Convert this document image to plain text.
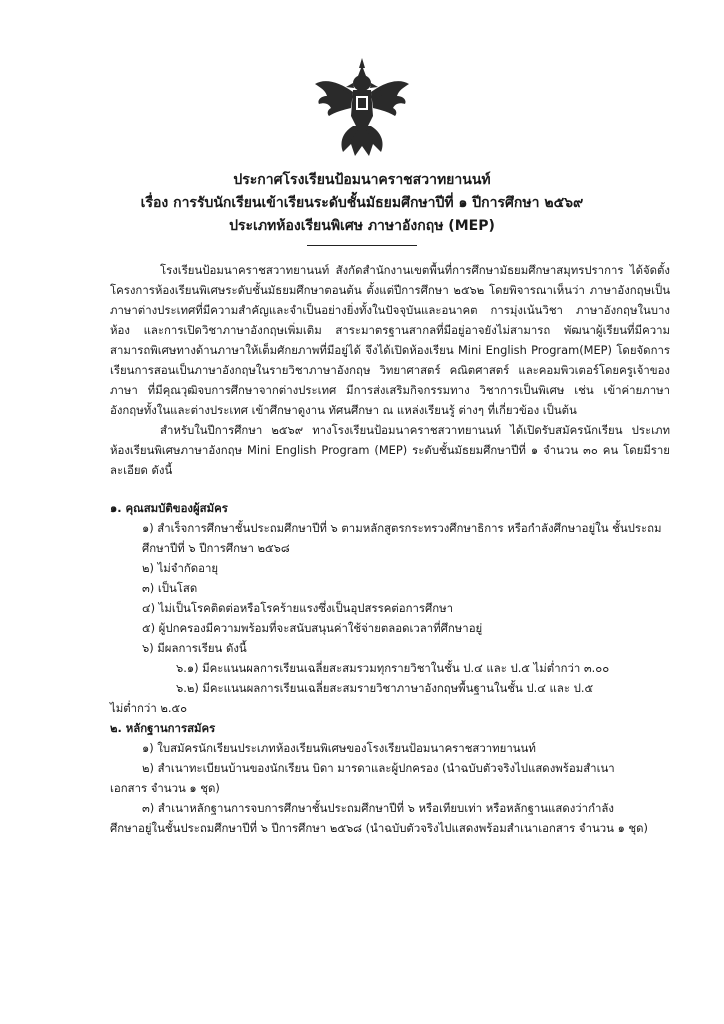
ประกาศโรงเรียนป้อมนาคราชสวาทยานนท์
เรื่อง การรับนักเรียนเข้าเรียนระดับชั้นมัธยมศึกษาปีที่ ๑ ปีการศึกษา ๒๕๖๙
ประเภทห้องเรียนพิเศษ ภาษาอังกฤษ (MEP)

โรงเรียนป้อมนาคราชสวาทยานนท์ สังกัดสำนักงานเขตพื้นที่การศึกษามัธยมศึกษาสมุทรปราการ ได้จัดตั้งโครงการห้องเรียนพิเศษระดับชั้นมัธยมศึกษาตอนต้น ตั้งแต่ปีการศึกษา ๒๕๖๒ โดยพิจารณาเห็นว่า ภาษาอังกฤษเป็นภาษาต่างประเทศที่มีความสำคัญและจำเป็นอย่างยิ่งทั้งในปัจจุบันและอนาคต การมุ่งเน้นวิชา ภาษาอังกฤษในบางห้อง และการเปิดวิชาภาษาอังกฤษเพิ่มเติม สาระมาตรฐานสากลที่มีอยู่อาจยังไม่สามารถ พัฒนาผู้เรียนที่มีความสามารถพิเศษทางด้านภาษาให้เต็มศักยภาพที่มีอยู่ได้ จึงได้เปิดห้องเรียน Mini English Program(MEP) โดยจัดการเรียนการสอนเป็นภาษาอังกฤษในรายวิชาภาษาอังกฤษ วิทยาศาสตร์ คณิตศาสตร์ และคอมพิวเตอร์โดยครูเจ้าของภาษา ที่มีคุณวุฒิจบการศึกษาจากต่างประเทศ มีการส่งเสริมกิจกรรมทาง วิชาการเป็นพิเศษ เช่น เข้าค่ายภาษาอังกฤษทั้งในและต่างประเทศ เข้าศึกษาดูงาน ทัศนศึกษา ณ แหล่งเรียนรู้ ต่างๆ ที่เกี่ยวข้อง เป็นต้น

สำหรับในปีการศึกษา ๒๕๖๙ ทางโรงเรียนป้อมนาคราชสวาทยานนท์ ได้เปิดรับสมัครนักเรียน ประเภทห้องเรียนพิเศษภาษาอังกฤษ Mini English Program (MEP) ระดับชั้นมัธยมศึกษาปีที่ ๑ จำนวน ๓๐ คน โดยมีรายละเอียด ดังนี้

๑. คุณสมบัติของผู้สมัคร

๑) สำเร็จการศึกษาชั้นประถมศึกษาปีที่ ๖ ตามหลักสูตรกระทรวงศึกษาธิการ หรือกำลังศึกษาอยู่ใน ชั้นประถมศึกษาปีที่ ๖ ปีการศึกษา ๒๕๖๘

๒) ไม่จำกัดอายุ

๓) เป็นโสด

๔) ไม่เป็นโรคติดต่อหรือโรคร้ายแรงซึ่งเป็นอุปสรรคต่อการศึกษา

๕) ผู้ปกครองมีความพร้อมที่จะสนับสนุนค่าใช้จ่ายตลอดเวลาที่ศึกษาอยู่

๖) มีผลการเรียน ดังนี้

๖.๑) มีคะแนนผลการเรียนเฉลี่ยสะสมรวมทุกรายวิชาในชั้น ป.๔ และ ป.๕ ไม่ต่ำกว่า ๓.๐๐

๖.๒) มีคะแนนผลการเรียนเฉลี่ยสะสมรายวิชาภาษาอังกฤษพื้นฐานในชั้น ป.๔ และ ป.๕

ไม่ต่ำกว่า ๒.๕๐

๒. หลักฐานการสมัคร

๑) ใบสมัครนักเรียนประเภทห้องเรียนพิเศษของโรงเรียนป้อมนาคราชสวาทยานนท์

๒) สำเนาทะเบียนบ้านของนักเรียน บิดา มารดาและผู้ปกครอง (นำฉบับตัวจริงไปแสดงพร้อมสำเนา

เอกสาร จำนวน ๑ ชุด)

๓) สำเนาหลักฐานการจบการศึกษาชั้นประถมศึกษาปีที่ ๖ หรือเทียบเท่า หรือหลักฐานแสดงว่ากำลัง

ศึกษาอยู่ในชั้นประถมศึกษาปีที่ ๖ ปีการศึกษา ๒๕๖๘ (นำฉบับตัวจริงไปแสดงพร้อมสำเนาเอกสาร จำนวน ๑ ชุด)
